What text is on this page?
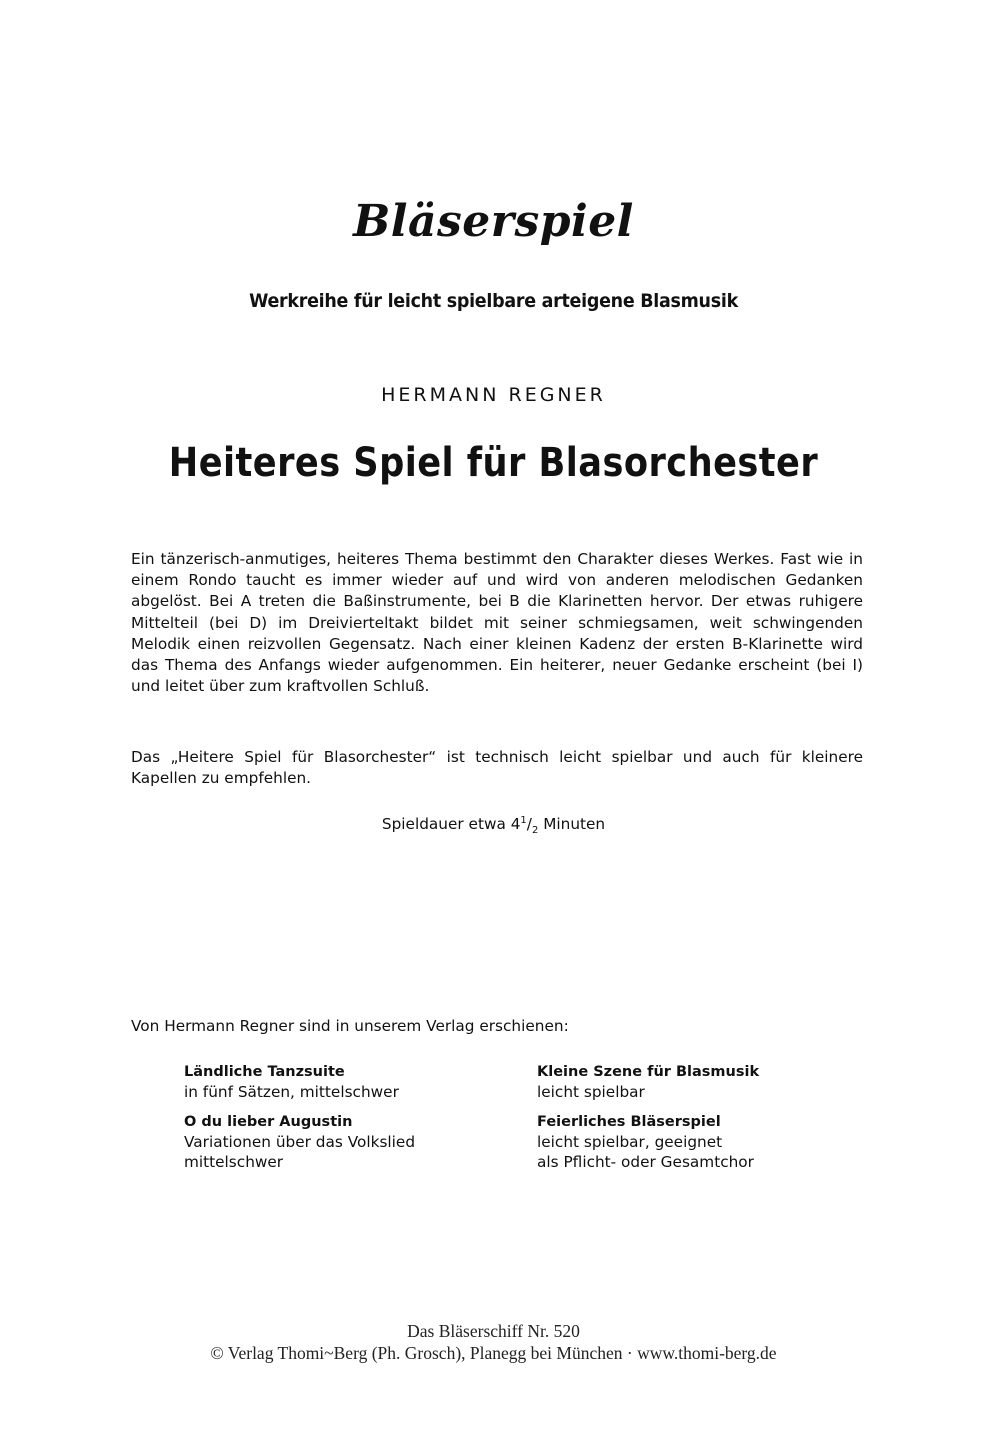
Bläserspiel
Werkreihe für leicht spielbare arteigene Blasmusik
HERMANN REGNER
Heiteres Spiel für Blasorchester
Ein tänzerisch-anmutiges, heiteres Thema bestimmt den Charakter dieses Werkes. Fast wie in einem Rondo taucht es immer wieder auf und wird von anderen melodischen Gedanken abgelöst. Bei A treten die Baßinstrumente, bei B die Klarinetten hervor. Der etwas ruhigere Mittelteil (bei D) im Dreivierteltakt bildet mit seiner schmiegsamen, weit schwingenden Melodik einen reizvollen Gegensatz. Nach einer kleinen Kadenz der ersten B-Klarinette wird das Thema des Anfangs wieder aufgenommen. Ein heiterer, neuer Gedanke erscheint (bei I) und leitet über zum kraftvollen Schluß.
Das „Heitere Spiel für Blasorchester“ ist technisch leicht spielbar und auch für kleinere Kapellen zu empfehlen.
Spieldauer etwa $4^1/_2$ Minuten
Von Hermann Regner sind in unserem Verlag erschienen:
Ländliche Tanzsuite
in fünf Sätzen, mittelschwer
O du lieber Augustin
Variationen über das Volkslied
mittelschwer
Kleine Szene für Blasmusik
leicht spielbar
Feierliches Bläserspiel
leicht spielbar, geeignet
als Pflicht- oder Gesamtchor
Das Bläserschiff Nr. 520
© Verlag Thomi~Berg (Ph. Grosch), Planegg bei München · www.thomi-berg.de
